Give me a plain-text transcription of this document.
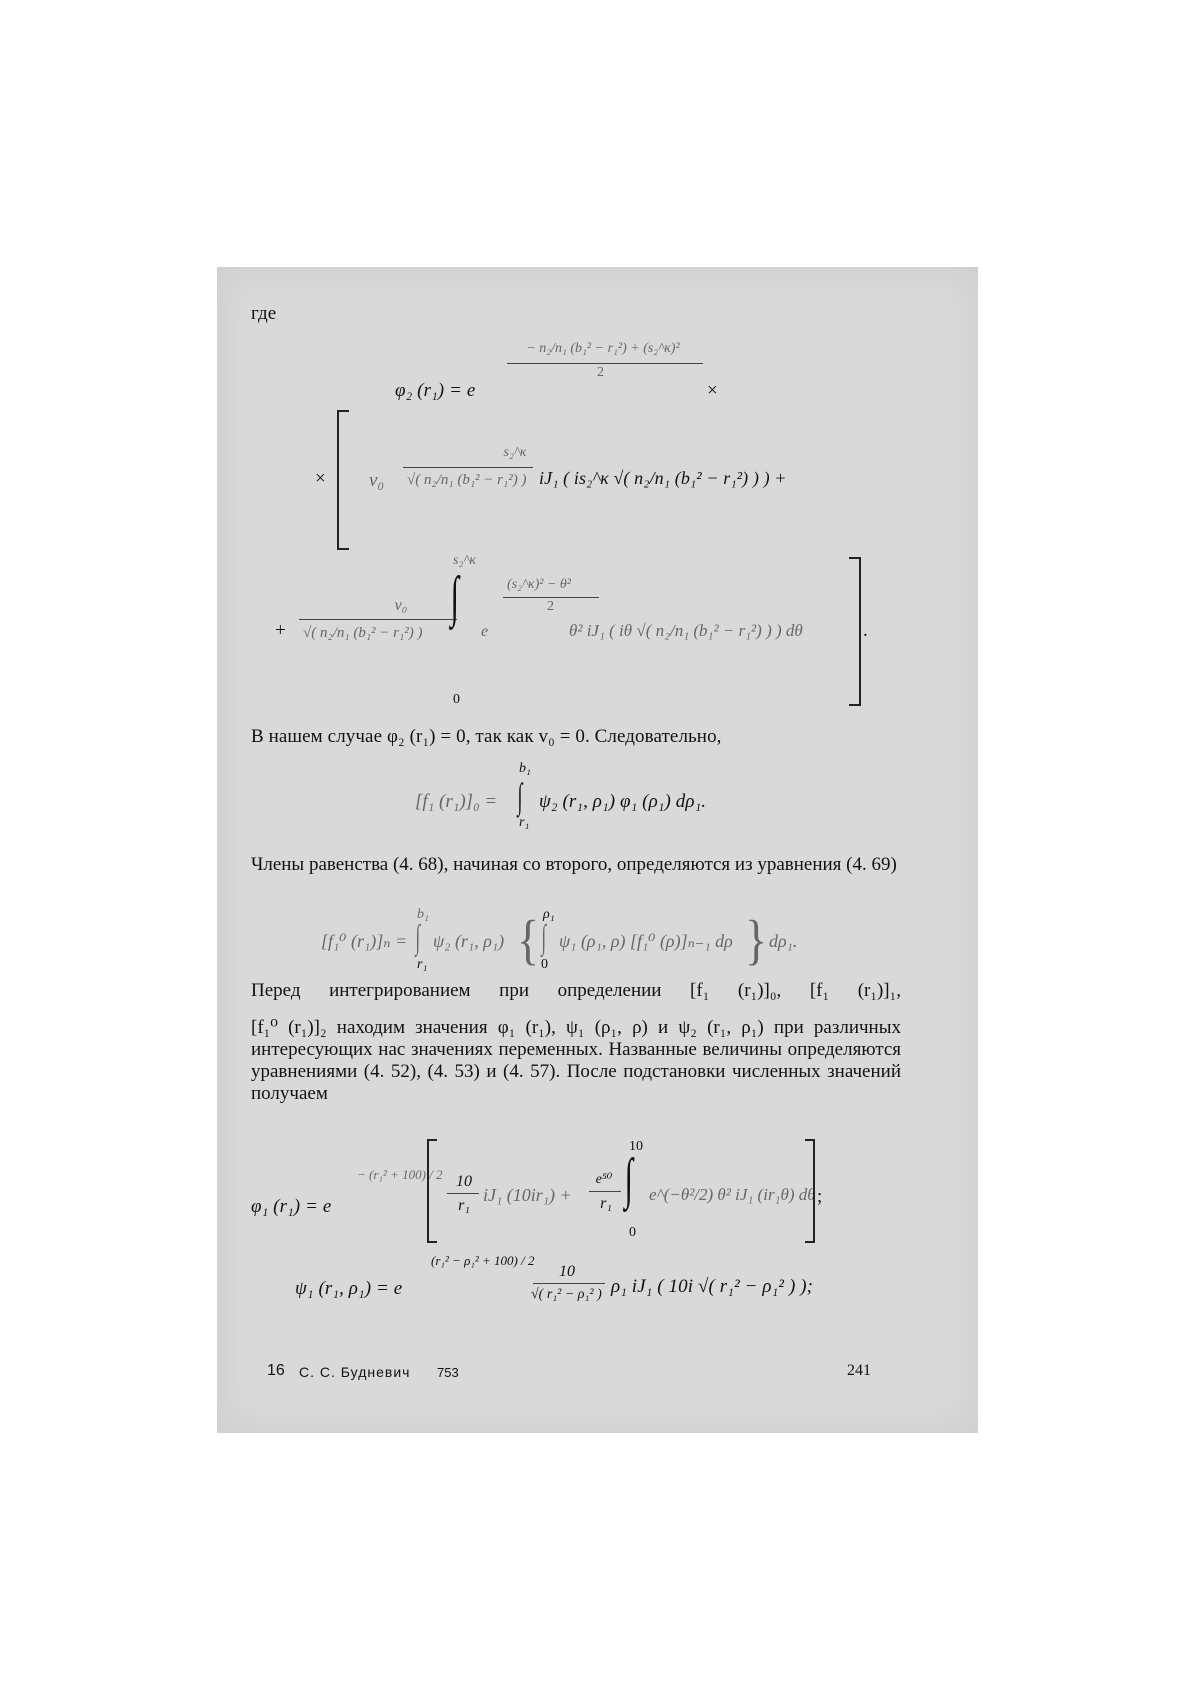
где
φ₂ (r₁) = e
− n₂/n₁ (b₁² − r₁²) + (s₂^κ)²
2
×
× v₀
s₂^κ
√( n₂/n₁ (b₁² − r₁²) ) iJ₁ ( is₂^κ √( n₂/n₁ (b₁² − r₁²) ) ) +
+
v₀
√( n₂/n₁ (b₁² − r₁²) )
s₂^κ
∫
0
e
(s₂^κ)² − θ²
2
θ² iJ₁ ( iθ √( n₂/n₁ (b₁² − r₁²) ) ) dθ	.
В нашем случае φ₂ (r₁) = 0, так как v₀ = 0. Следовательно,
[f₁ (r₁)]₀ =
b₁
∫
r₁
ψ₂ (r₁, ρ₁) φ₁ (ρ₁) dρ₁.
Члены равенства (4. 68), начиная со второго, определяются из уравнения (4. 69)
[f₁⁰ (r₁)]ₙ =
b₁
∫
r₁
ψ₂ (r₁, ρ₁) { ρ₁
∫
0
ψ₁ (ρ₁, ρ) [f₁⁰ (ρ)]ₙ₋₁ dρ } dρ₁.
Перед интегрированием при определении [f₁ (r₁)]₀, [f₁ (r₁)]₁,
[f₁⁰ (r₁)]₂ находим значения φ₁ (r₁), ψ₁ (ρ₁, ρ) и ψ₂ (r₁, ρ₁) при различных интересующих нас значениях переменных. Названные величины определяются уравнениями (4. 52), (4. 53) и (4. 57). После подстановки численных значений получаем
φ₁ (r₁) = e
− (r₁² + 100) / 2 10
r₁
iJ₁ (10ir₁) +
e⁵⁰
r₁
10
∫
0
e^(−θ²/2) θ² iJ₁ (ir₁θ) dθ ;
ψ₁ (r₁, ρ₁) = e
(r₁² − ρ₁² + 100) / 2
10
√( r₁² − ρ₁² ) ρ₁ iJ₁ ( 10i √( r₁² − ρ₁² ) );
16 С. С. Будневич 753	241
